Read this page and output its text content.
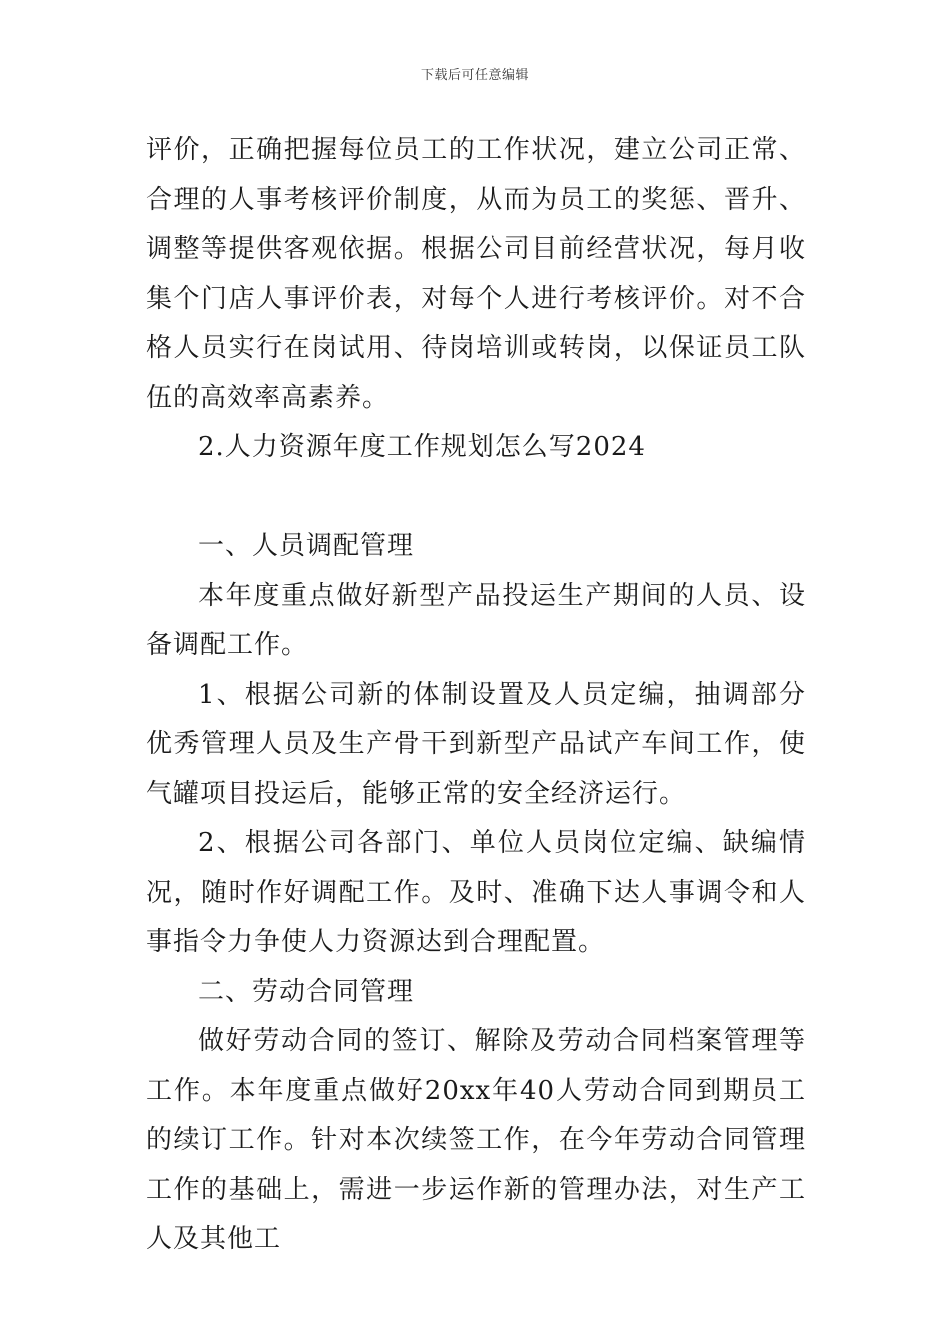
下载后可任意编辑

评价，正确把握每位员工的工作状况，建立公司正常、合理的人事考核评价制度，从而为员工的奖惩、晋升、调整等提供客观依据。根据公司目前经营状况，每月收集个门店人事评价表，对每个人进行考核评价。对不合格人员实行在岗试用、待岗培训或转岗，以保证员工队伍的高效率高素养。

2.人力资源年度工作规划怎么写2024

一、人员调配管理

本年度重点做好新型产品投运生产期间的人员、设备调配工作。

1、根据公司新的体制设置及人员定编，抽调部分优秀管理人员及生产骨干到新型产品试产车间工作，使气罐项目投运后，能够正常的安全经济运行。

2、根据公司各部门、单位人员岗位定编、缺编情况，随时作好调配工作。及时、准确下达人事调令和人事指令力争使人力资源达到合理配置。

二、劳动合同管理

做好劳动合同的签订、解除及劳动合同档案管理等工作。本年度重点做好20xx年40人劳动合同到期员工的续订工作。针对本次续签工作，在今年劳动合同管理工作的基础上，需进一步运作新的管理办法，对生产工人及其他工
